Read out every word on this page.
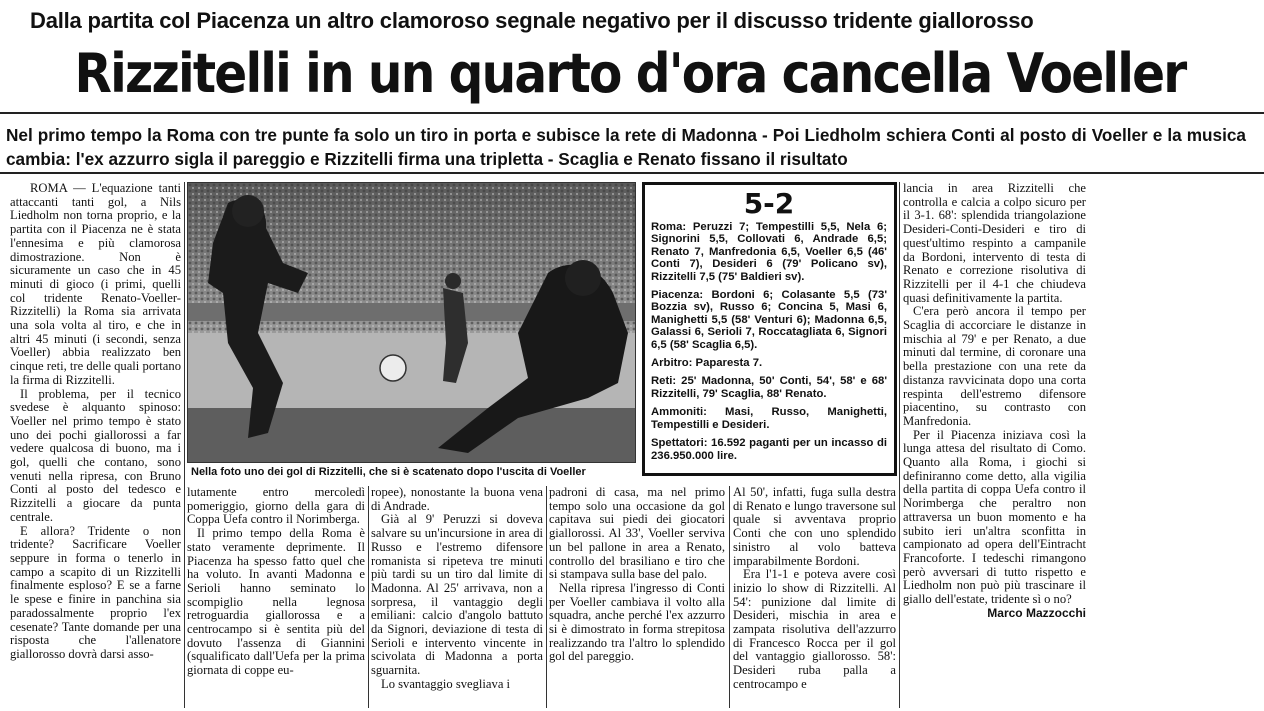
Dalla partita col Piacenza un altro clamoroso segnale negativo per il discusso tridente giallorosso
Rizzitelli in un quarto d'ora cancella Voeller
Nel primo tempo la Roma con tre punte fa solo un tiro in porta e subisce la rete di Madonna - Poi Liedholm schiera Conti al posto di Voeller e la musica cambia: l'ex azzurro sigla il pareggio e Rizzitelli firma una tripletta - Scaglia e Renato fissano il risultato

ROMA — L'equazione tanti attaccanti tanti gol, a Nils Liedholm non torna proprio, e la partita con il Piacenza ne è stata l'ennesima e più clamorosa dimostrazione. Non è sicuramente un caso che in 45 minuti di gioco (i primi, quelli col tridente Renato-Voeller-Rizzitelli) la Roma sia arrivata una sola volta al tiro, e che in altri 45 minuti (i secondi, senza Voeller) abbia realizzato ben cinque reti, tre delle quali portano la firma di Rizzitelli.

Il problema, per il tecnico svedese è alquanto spinoso: Voeller nel primo tempo è stato uno dei pochi giallorossi a far vedere qualcosa di buono, ma i gol, quelli che contano, sono venuti nella ripresa, con Bruno Conti al posto del tedesco e Rizzitelli a giocare da punta centrale.

E allora? Tridente o non tridente? Sacrificare Voeller seppure in forma o tenerlo in campo a scapito di un Rizzitelli finalmente esploso? E se a farne le spese e finire in panchina sia paradossalmente proprio l'ex cesenate? Tante domande per una risposta che l'allenatore giallorosso dovrà darsi asso-

Nella foto uno dei gol di Rizzitelli, che si è scatenato dopo l'uscita di Voeller
5-2

Roma: Peruzzi 7; Tempestilli 5,5, Nela 6; Signorini 5,5, Collovati 6, Andrade 6,5; Renato 7, Manfredonia 6,5, Voeller 6,5 (46' Conti 7), Desideri 6 (79' Policano sv), Rizzitelli 7,5 (75' Baldieri sv).

Piacenza: Bordoni 6; Colasante 5,5 (73' Bozzia sv), Russo 6; Concina 5, Masi 6, Manighetti 5,5 (58' Venturi 6); Madonna 6,5, Galassi 6, Serioli 7, Roccatagliata 6, Signori 6,5 (58' Scaglia 6,5).

Arbitro: Paparesta 7.

Reti: 25' Madonna, 50' Conti, 54', 58' e 68' Rizzitelli, 79' Scaglia, 88' Renato.

Ammoniti: Masi, Russo, Manighetti, Tempestilli e Desideri.

Spettatori: 16.592 paganti per un incasso di 236.950.000 lire.

lutamente entro mercoledì pomeriggio, giorno della gara di Coppa Uefa contro il Norimberga.

Il primo tempo della Roma è stato veramente deprimente. Il Piacenza ha spesso fatto quel che ha voluto. In avanti Madonna e Serioli hanno seminato lo scompiglio nella legnosa retroguardia giallorossa e a centrocampo si è sentita più del dovuto l'assenza di Giannini (squalificato dall'Uefa per la prima giornata di coppe eu-

ropee), nonostante la buona vena di Andrade.

Già al 9' Peruzzi si doveva salvare su un'incursione in area di Russo e l'estremo difensore romanista si ripeteva tre minuti più tardi su un tiro dal limite di Madonna. Al 25' arrivava, non a sorpresa, il vantaggio degli emiliani: calcio d'angolo battuto da Signori, deviazione di testa di Serioli e intervento vincente in scivolata di Madonna a porta sguarnita.

Lo svantaggio svegliava i

padroni di casa, ma nel primo tempo solo una occasione da gol capitava sui piedi dei giocatori giallorossi. Al 33', Voeller serviva un bel pallone in area a Renato, controllo del brasiliano e tiro che si stampava sulla base del palo.

Nella ripresa l'ingresso di Conti per Voeller cambiava il volto alla squadra, anche perché l'ex azzurro si è dimostrato in forma strepitosa realizzando tra l'altro lo splendido gol del pareggio.

Al 50', infatti, fuga sulla destra di Renato e lungo traversone sul quale si avventava proprio Conti che con uno splendido sinistro al volo batteva imparabilmente Bordoni.

Era l'1-1 e poteva avere così inizio lo show di Rizzitelli. Al 54': punizione dal limite di Desideri, mischia in area e zampata risolutiva dell'azzurro di Francesco Rocca per il gol del vantaggio giallorosso. 58': Desideri ruba palla a centrocampo e

lancia in area Rizzitelli che controlla e calcia a colpo sicuro per il 3-1. 68': splendida triangolazione Desideri-Conti-Desideri e tiro di quest'ultimo respinto a campanile da Bordoni, intervento di testa di Renato e correzione risolutiva di Rizzitelli per il 4-1 che chiudeva quasi definitivamente la partita.

C'era però ancora il tempo per Scaglia di accorciare le distanze in mischia al 79' e per Renato, a due minuti dal termine, di coronare una bella prestazione con una rete da distanza ravvicinata dopo una corta respinta dell'estremo difensore piacentino, su contrasto con Manfredonia.

Per il Piacenza iniziava così la lunga attesa del risultato di Como. Quanto alla Roma, i giochi si definiranno come detto, alla vigilia della partita di coppa Uefa contro il Norimberga che peraltro non attraversa un buon momento e ha subito ieri un'altra sconfitta in campionato ad opera dell'Eintracht Francoforte. I tedeschi rimangono però avversari di tutto rispetto e Liedholm non può più trascinare il giallo dell'estate, tridente sì o no?

Marco Mazzocchi
